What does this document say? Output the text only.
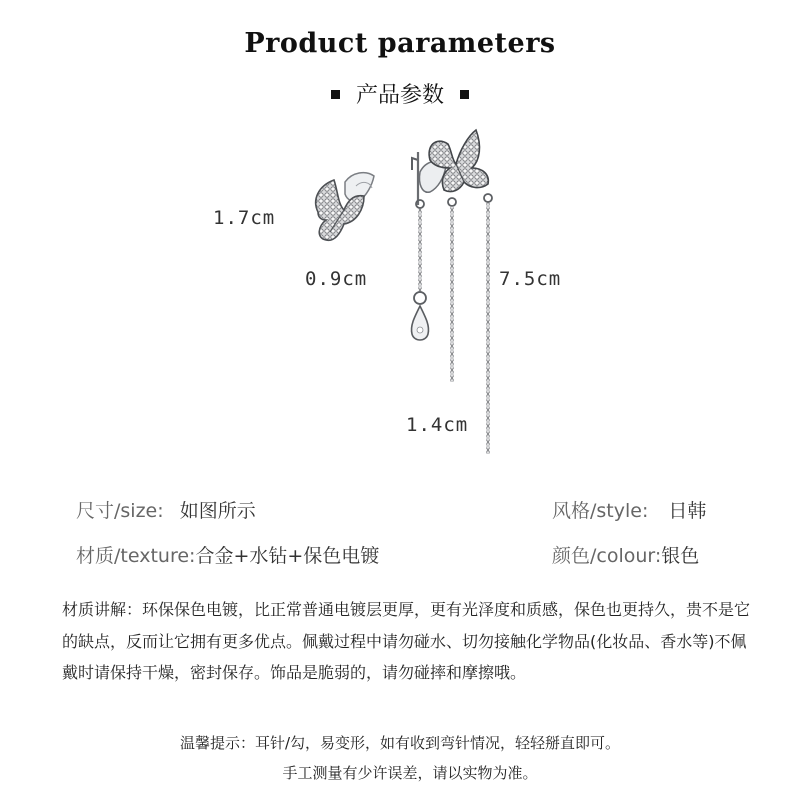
Product parameters
产品参数
1.7cm
0.9cm	7.5cm
1.4cm
尺寸/size: 如图所示	风格/style: 日韩
材质/texture:合金+水钻+保色电镀	颜色/colour:银色
材质讲解：环保保色电镀，比正常普通电镀层更厚，更有光泽度和质感，保色也更持久，贵不是它的缺点，反而让它拥有更多优点。佩戴过程中请勿碰水、切勿接触化学物品(化妆品、香水等)不佩戴时请保持干燥，密封保存。饰品是脆弱的，请勿碰摔和摩擦哦。
温馨提示：耳针/勾，易变形，如有收到弯针情况，轻轻掰直即可。
手工测量有少许误差，请以实物为准。
